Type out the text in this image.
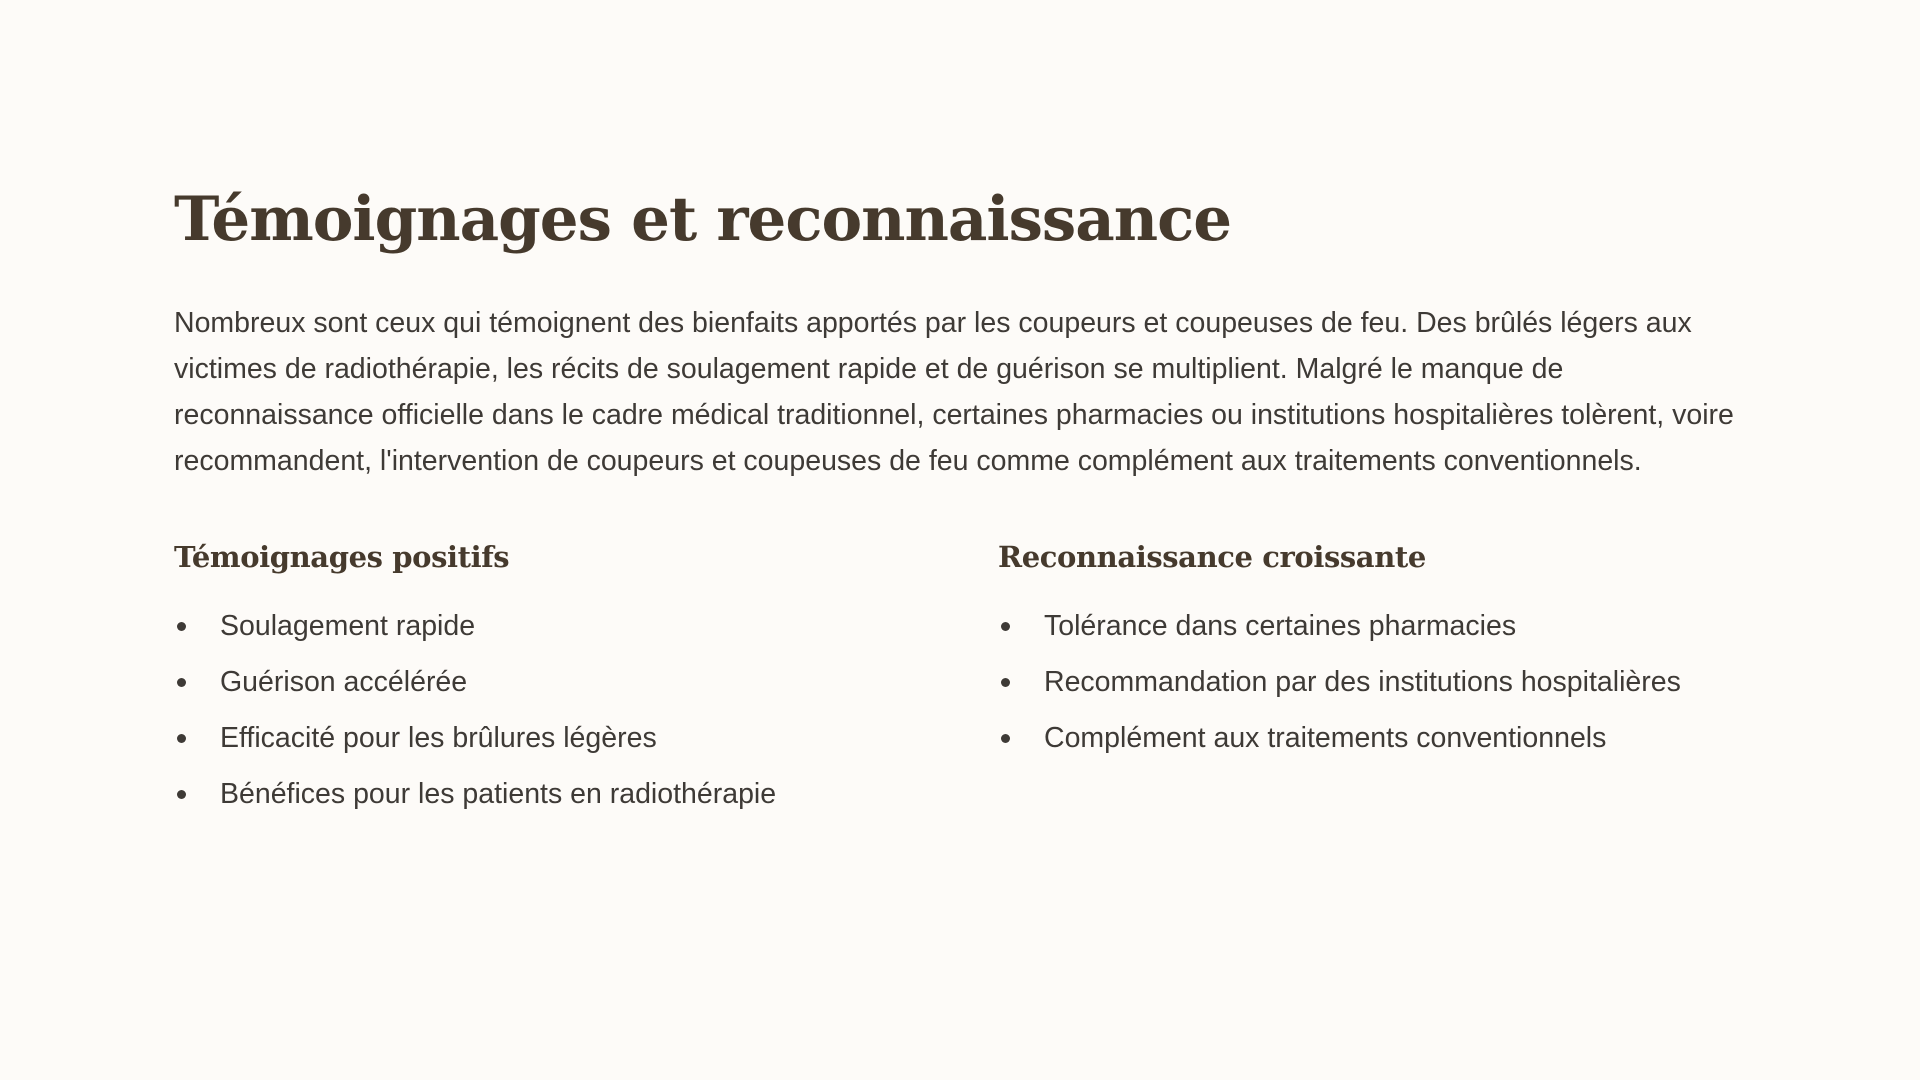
Témoignages et reconnaissance

Nombreux sont ceux qui témoignent des bienfaits apportés par les coupeurs et coupeuses de feu. Des brûlés légers aux victimes de radiothérapie, les récits de soulagement rapide et de guérison se multiplient. Malgré le manque de reconnaissance officielle dans le cadre médical traditionnel, certaines pharmacies ou institutions hospitalières tolèrent, voire recommandent, l'intervention de coupeurs et coupeuses de feu comme complément aux traitements conventionnels.

Témoignages positifs
Soulagement rapide
Guérison accélérée
Efficacité pour les brûlures légères
Bénéfices pour les patients en radiothérapie
Reconnaissance croissante
Tolérance dans certaines pharmacies
Recommandation par des institutions hospitalières
Complément aux traitements conventionnels
